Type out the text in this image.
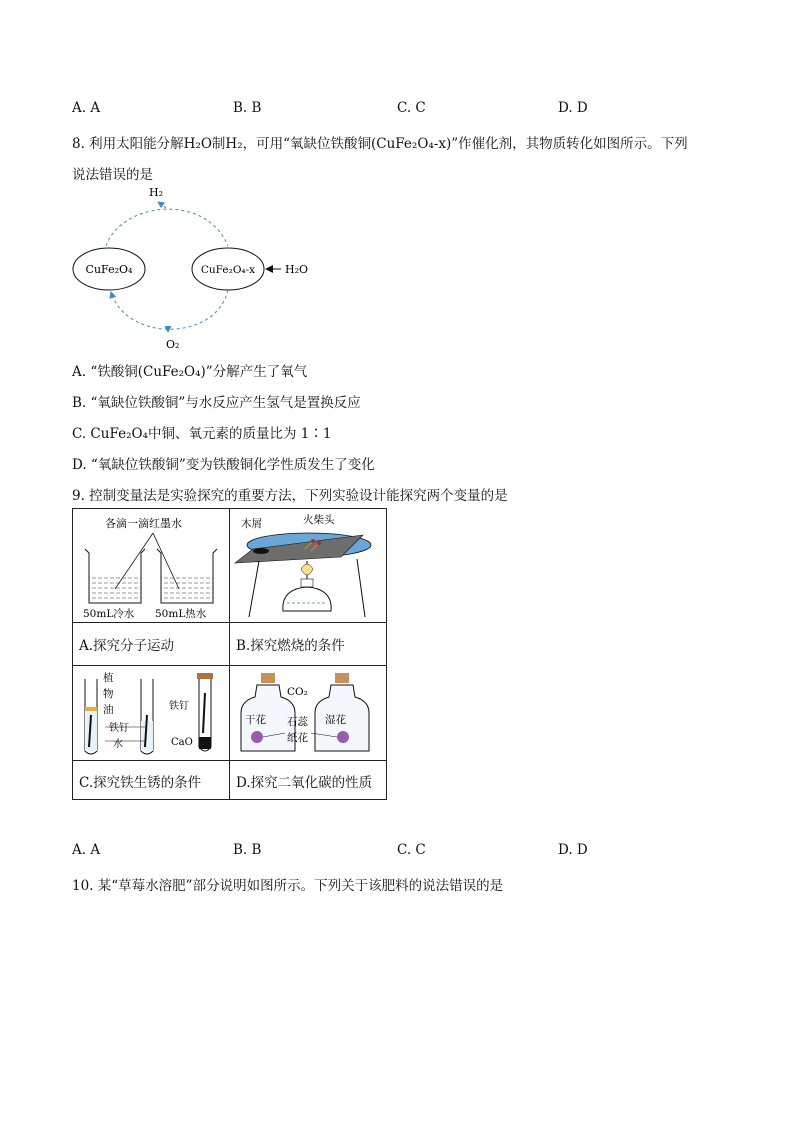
A. A	B. B	C. C	D. D
8. 利用太阳能分解H₂O制H₂，可用“氧缺位铁酸铜(CuFe₂O₄-x)”作催化剂，其物质转化如图所示。下列
说法错误的是
CuFe₂O₄	CuFe₂O₄-x	H₂O
H₂
O₂
A. “铁酸铜(CuFe₂O₄)”分解产生了氧气
B. “氧缺位铁酸铜”与水反应产生氢气是置换反应
C. CuFe₂O₄中铜、氧元素的质量比为 1∶1
D. “氧缺位铁酸铜”变为铁酸铜化学性质发生了变化
9. 控制变量法是实验探究的重要方法，下列实验设计能探究两个变量的是
各滴一滴红墨水
50mL冷水 50mL热水
木屑	火柴头
A.探究分子运动	B.探究燃烧的条件
植
物
油
铁钉
水
铁钉
CaO
CO₂
干花	湿花
石蕊
纸花
C.探究铁生锈的条件	D.探究二氧化碳的性质
A. A	B. B	C. C	D. D
10. 某“草莓水溶肥”部分说明如图所示。下列关于该肥料的说法错误的是
